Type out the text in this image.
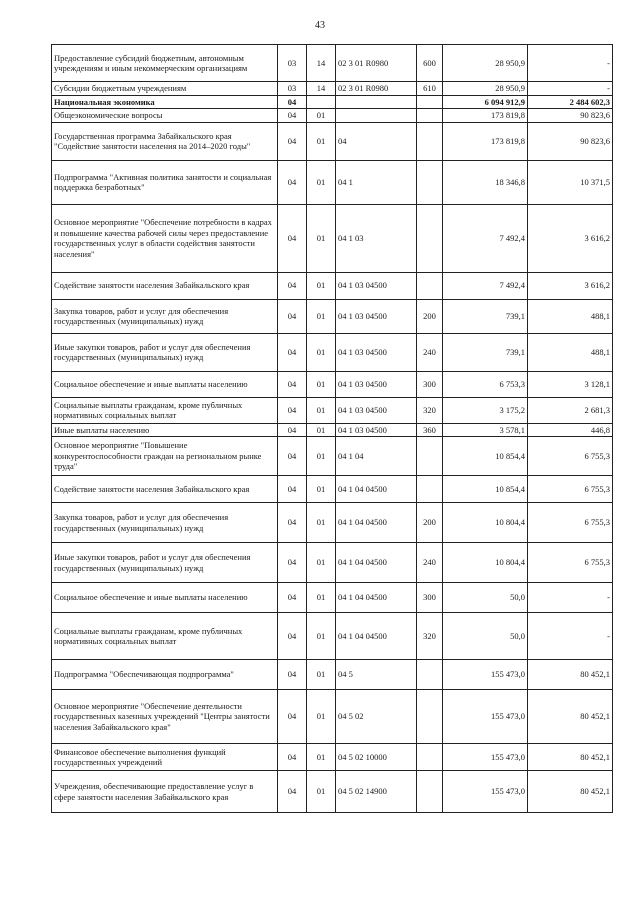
43
Предоставление субсидий бюджетным, автономным учреждениям и иным некоммерческим организациям	03	14	02 3 01 R0980	600	28 950,9	-
Субсидии бюджетным учреждениям	03	14	02 3 01 R0980	610	28 950,9	-
Национальная экономика	04				6 094 912,9	2 484 602,3
Общеэкономические вопросы	04	01			173 819,8	90 823,6
Государственная программа Забайкальского края "Содействие занятости населения на 2014–2020 годы"	04	01	04		173 819,8	90 823,6
Подпрограмма "Активная политика занятости и социальная поддержка безработных"	04	01	04 1		18 346,8	10 371,5
Основное мероприятие "Обеспечение потребности в кадрах и повышение качества рабочей силы через предоставление государственных услуг в области содействия занятости населения"	04	01	04 1 03		7 492,4	3 616,2
Содействие занятости населения Забайкальского края	04	01	04 1 03 04500		7 492,4	3 616,2
Закупка товаров, работ и услуг для обеспечения государственных (муниципальных) нужд	04	01	04 1 03 04500	200	739,1	488,1
Иные закупки товаров, работ и услуг для обеспечения государственных (муниципальных) нужд	04	01	04 1 03 04500	240	739,1	488,1
Социальное обеспечение и иные выплаты населению	04	01	04 1 03 04500	300	6 753,3	3 128,1
Социальные выплаты гражданам, кроме публичных нормативных социальных выплат	04	01	04 1 03 04500	320	3 175,2	2 681,3
Иные выплаты населению	04	01	04 1 03 04500	360	3 578,1	446,8
Основное мероприятие "Повышение конкурентоспособности граждан на региональном рынке труда"	04	01	04 1 04		10 854,4	6 755,3
Содействие занятости населения Забайкальского края	04	01	04 1 04 04500		10 854,4	6 755,3
Закупка товаров, работ и услуг для обеспечения государственных (муниципальных) нужд	04	01	04 1 04 04500	200	10 804,4	6 755,3
Иные закупки товаров, работ и услуг для обеспечения государственных (муниципальных) нужд	04	01	04 1 04 04500	240	10 804,4	6 755,3
Социальное обеспечение и иные выплаты населению	04	01	04 1 04 04500	300	50,0	-
Социальные выплаты гражданам, кроме публичных нормативных социальных выплат	04	01	04 1 04 04500	320	50,0	-
Подпрограмма "Обеспечивающая подпрограмма"	04	01	04 5		155 473,0	80 452,1
Основное мероприятие "Обеспечение деятельности государственных казенных учреждений "Центры занятости населения Забайкальского края"	04	01	04 5 02		155 473,0	80 452,1
Финансовое обеспечение выполнения функций государственных учреждений	04	01	04 5 02 10000		155 473,0	80 452,1
Учреждения, обеспечивающие предоставление услуг в сфере занятости населения Забайкальского края	04	01	04 5 02 14900		155 473,0	80 452,1
